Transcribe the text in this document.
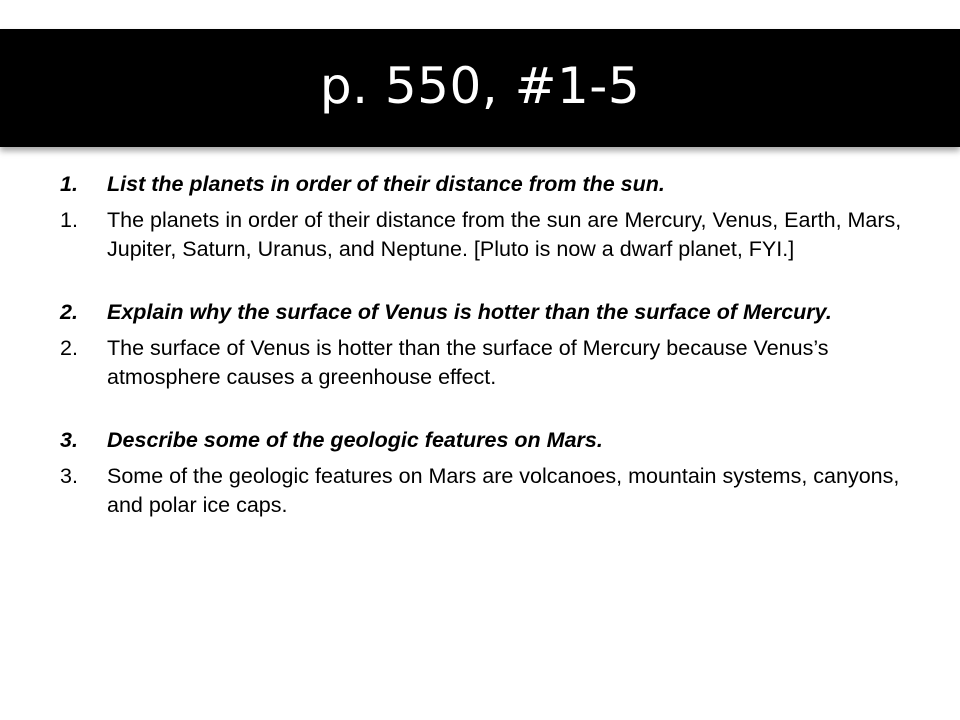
p. 550, #1-5
1.	List the planets in order of their distance from the sun.
1.	The planets in order of their distance from the sun are Mercury, Venus, Earth, Mars, Jupiter, Saturn, Uranus, and Neptune. [Pluto is now a dwarf planet, FYI.]
2.	Explain why the surface of Venus is hotter than the surface of Mercury.
2.	The surface of Venus is hotter than the surface of Mercury because Venus’s atmosphere causes a greenhouse effect.
3.	Describe some of the geologic features on Mars.
3.	Some of the geologic features on Mars are volcanoes, mountain systems, canyons, and polar ice caps.
